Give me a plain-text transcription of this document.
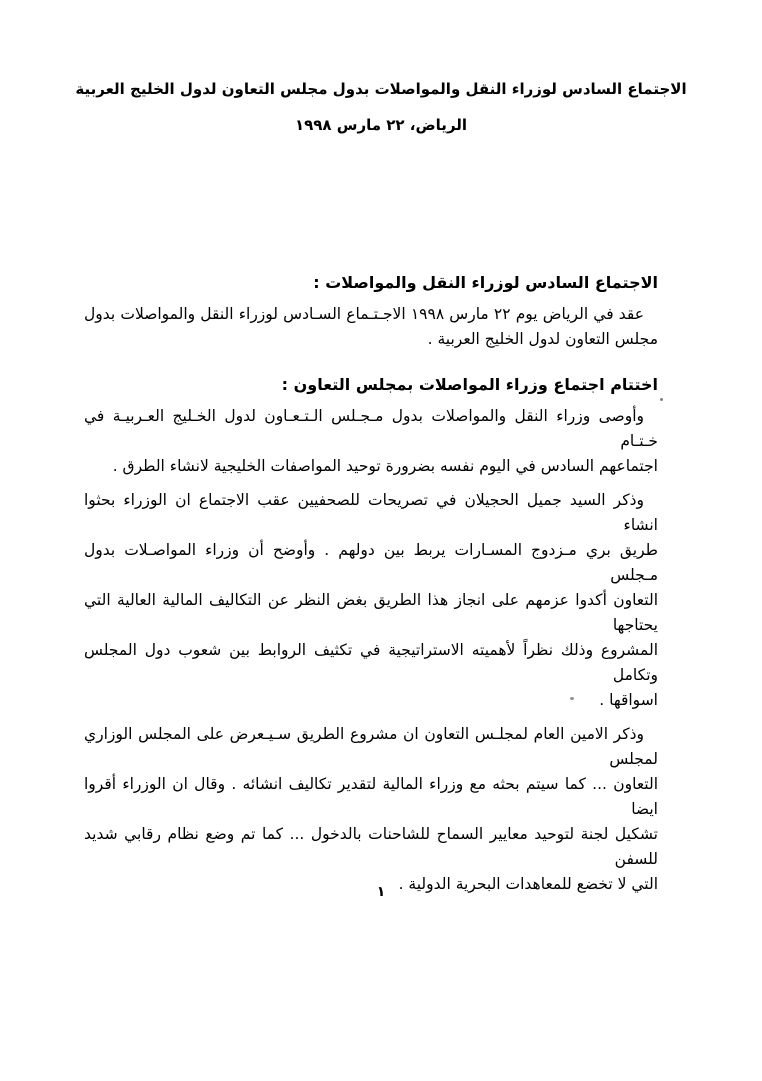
الاجتماع السادس لوزراء النقل والمواصلات بدول مجلس التعاون لدول الخليج العربية
الرياض، ٢٢ مارس ١٩٩٨
الاجتماع السادس لوزراء النقل والمواصلات :
عقد في الرياض يوم ٢٢ مارس ١٩٩٨ الاجـتـماع السـادس لوزراء النقل والمواصلات بدول
مجلس التعاون لدول الخليج العربية .
اختتام اجتماع وزراء المواصلات بمجلس التعاون :
وأوصى وزراء النقل والمواصلات بدول مـجـلس الـتـعـاون لدول الخـليج العـربيـة في خـتـام
اجتماعهم السادس في اليوم نفسه بضرورة توحيد المواصفات الخليجية لانشاء الطرق .
وذكر السيد جميل الحجيلان في تصريحات للصحفيين عقب الاجتماع ان الوزراء بحثوا انشاء
طريق بري مـزدوج المسـارات يربط بين دولهم . وأوضح أن وزراء المواصـلات بدول مـجلس
التعاون أكدوا عزمهم على انجاز هذا الطريق بغض النظر عن التكاليف المالية العالية التي يحتاجها
المشروع وذلك نظراً لأهميته الاستراتيجية في تكثيف الروابط بين شعوب دول المجلس وتكامل
اسواقها .
وذكر الامين العام لمجلـس التعاون ان مشروع الطريق سـيـعرض على المجلس الوزاري لمجلس
التعاون ... كما سيتم بحثه مع وزراء المالية لتقدير تكاليف انشائه . وقال ان الوزراء أقروا ايضا
تشكيل لجنة لتوحيد معايير السماح للشاحنات بالدخول ... كما تم وضع نظام رقابي شديد للسفن
التي لا تخضع للمعاهدات البحرية الدولية .
١
